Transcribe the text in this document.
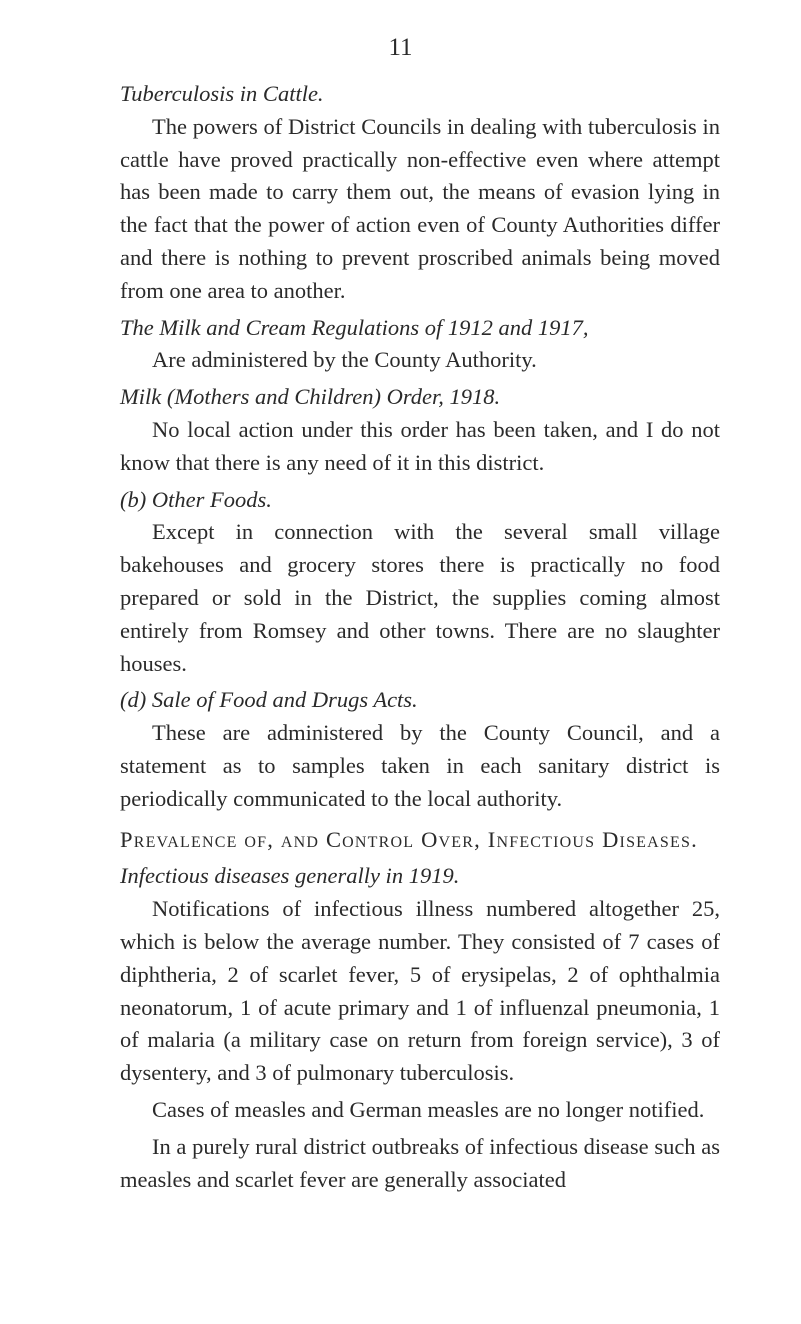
11

Tuberculosis in Cattle.

The powers of District Councils in dealing with tuberculosis in cattle have proved practically non-effective even where attempt has been made to carry them out, the means of evasion lying in the fact that the power of action even of County Authorities differ and there is nothing to prevent proscribed animals being moved from one area to another.

The Milk and Cream Regulations of 1912 and 1917,

Are administered by the County Authority.

Milk (Mothers and Children) Order, 1918.

No local action under this order has been taken, and I do not know that there is any need of it in this district.

(b) Other Foods.

Except in connection with the several small village bakehouses and grocery stores there is practically no food prepared or sold in the District, the supplies coming almost entirely from Romsey and other towns. There are no slaughter houses.

(d) Sale of Food and Drugs Acts.

These are administered by the County Council, and a statement as to samples taken in each sanitary district is periodically communicated to the local authority.

Prevalence of, and Control Over, Infectious Diseases.

Infectious diseases generally in 1919.

Notifications of infectious illness numbered altogether 25, which is below the average number. They consisted of 7 cases of diphtheria, 2 of scarlet fever, 5 of erysipelas, 2 of ophthalmia neonatorum, 1 of acute primary and 1 of influenzal pneumonia, 1 of malaria (a military case on return from foreign service), 3 of dysentery, and 3 of pulmonary tuberculosis.

Cases of measles and German measles are no longer notified.

In a purely rural district outbreaks of infectious disease such as measles and scarlet fever are generally associated
